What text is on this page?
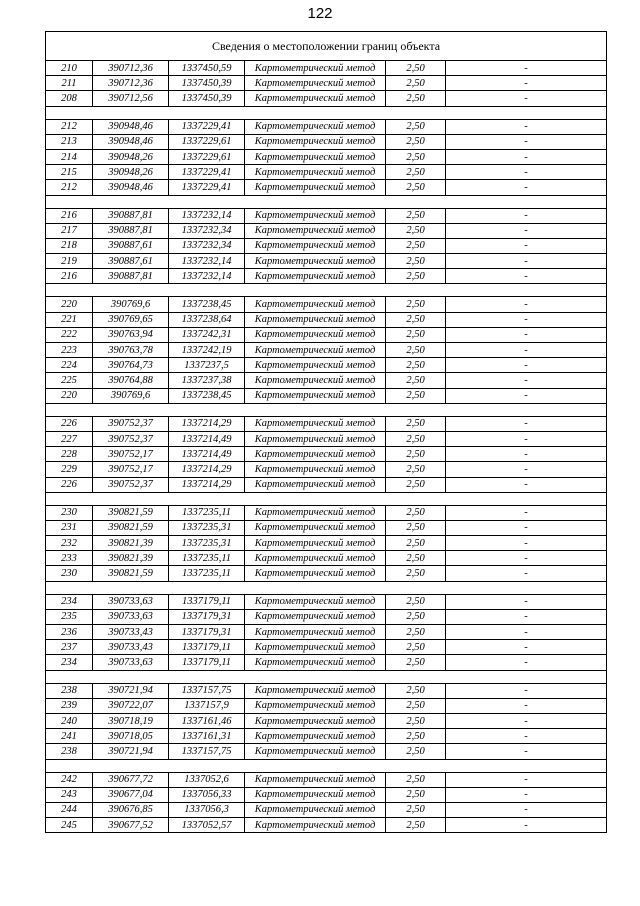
122
Сведения о местоположении границ объекта					
210	390712,36	1337450,59	Картометрический метод	2,50	-
211	390712,36	1337450,39	Картометрический метод	2,50	-
208	390712,56	1337450,39	Картометрический метод	2,50	-

212	390948,46	1337229,41	Картометрический метод	2,50	-
213	390948,46	1337229,61	Картометрический метод	2,50	-
214	390948,26	1337229,61	Картометрический метод	2,50	-
215	390948,26	1337229,41	Картометрический метод	2,50	-
212	390948,46	1337229,41	Картометрический метод	2,50	-

216	390887,81	1337232,14	Картометрический метод	2,50	-
217	390887,81	1337232,34	Картометрический метод	2,50	-
218	390887,61	1337232,34	Картометрический метод	2,50	-
219	390887,61	1337232,14	Картометрический метод	2,50	-
216	390887,81	1337232,14	Картометрический метод	2,50	-

220	390769,6	1337238,45	Картометрический метод	2,50	-
221	390769,65	1337238,64	Картометрический метод	2,50	-
222	390763,94	1337242,31	Картометрический метод	2,50	-
223	390763,78	1337242,19	Картометрический метод	2,50	-
224	390764,73	1337237,5	Картометрический метод	2,50	-
225	390764,88	1337237,38	Картометрический метод	2,50	-
220	390769,6	1337238,45	Картометрический метод	2,50	-

226	390752,37	1337214,29	Картометрический метод	2,50	-
227	390752,37	1337214,49	Картометрический метод	2,50	-
228	390752,17	1337214,49	Картометрический метод	2,50	-
229	390752,17	1337214,29	Картометрический метод	2,50	-
226	390752,37	1337214,29	Картометрический метод	2,50	-

230	390821,59	1337235,11	Картометрический метод	2,50	-
231	390821,59	1337235,31	Картометрический метод	2,50	-
232	390821,39	1337235,31	Картометрический метод	2,50	-
233	390821,39	1337235,11	Картометрический метод	2,50	-
230	390821,59	1337235,11	Картометрический метод	2,50	-

234	390733,63	1337179,11	Картометрический метод	2,50	-
235	390733,63	1337179,31	Картометрический метод	2,50	-
236	390733,43	1337179,31	Картометрический метод	2,50	-
237	390733,43	1337179,11	Картометрический метод	2,50	-
234	390733,63	1337179,11	Картометрический метод	2,50	-

238	390721,94	1337157,75	Картометрический метод	2,50	-
239	390722,07	1337157,9	Картометрический метод	2,50	-
240	390718,19	1337161,46	Картометрический метод	2,50	-
241	390718,05	1337161,31	Картометрический метод	2,50	-
238	390721,94	1337157,75	Картометрический метод	2,50	-

242	390677,72	1337052,6	Картометрический метод	2,50	-
243	390677,04	1337056,33	Картометрический метод	2,50	-
244	390676,85	1337056,3	Картометрический метод	2,50	-
245	390677,52	1337052,57	Картометрический метод	2,50	-
